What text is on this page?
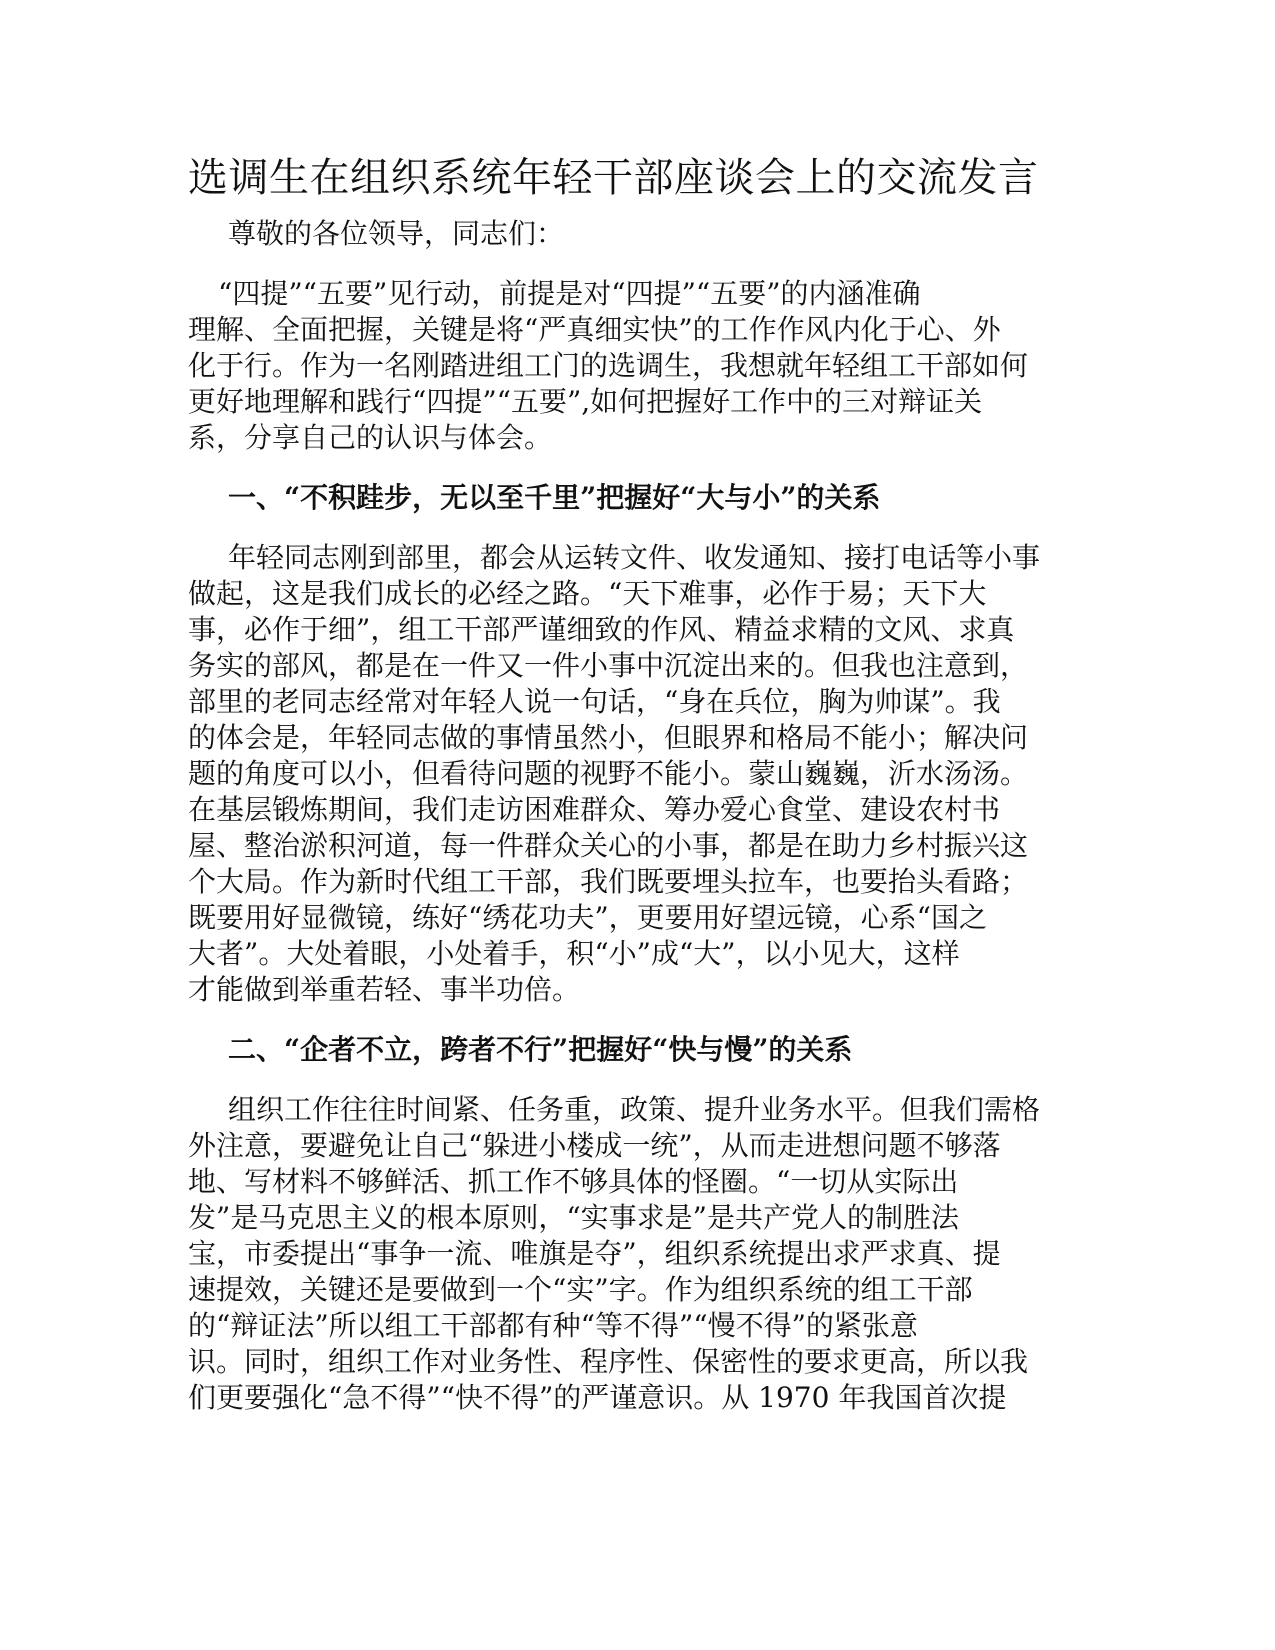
选调生在组织系统年轻干部座谈会上的交流发言
尊敬的各位领导，同志们：
“四提”“五要”见行动，前提是对“四提”“五要”的内涵准确
理解、全面把握，关键是将“严真细实快”的工作作风内化于心、外
化于行。作为一名刚踏进组工门的选调生，我想就年轻组工干部如何
更好地理解和践行“四提”“五要”,如何把握好工作中的三对辩证关
系，分享自己的认识与体会。
一、“不积跬步，无以至千里”把握好“大与小”的关系
年轻同志刚到部里，都会从运转文件、收发通知、接打电话等小事
做起，这是我们成长的必经之路。“天下难事，必作于易；天下大
事，必作于细”，组工干部严谨细致的作风、精益求精的文风、求真
务实的部风，都是在一件又一件小事中沉淀出来的。但我也注意到，
部里的老同志经常对年轻人说一句话，“身在兵位，胸为帅谋”。我
的体会是，年轻同志做的事情虽然小，但眼界和格局不能小；解决问
题的角度可以小，但看待问题的视野不能小。蒙山巍巍，沂水汤汤。
在基层锻炼期间，我们走访困难群众、筹办爱心食堂、建设农村书
屋、整治淤积河道，每一件群众关心的小事，都是在助力乡村振兴这
个大局。作为新时代组工干部，我们既要埋头拉车，也要抬头看路；
既要用好显微镜，练好“绣花功夫”，更要用好望远镜，心系“国之
大者”。大处着眼，小处着手，积“小”成“大”，以小见大，这样
才能做到举重若轻、事半功倍。
二、“企者不立，跨者不行”把握好“快与慢”的关系
组织工作往往时间紧、任务重，政策、提升业务水平。但我们需格
外注意，要避免让自己“躲进小楼成一统”，从而走进想问题不够落
地、写材料不够鲜活、抓工作不够具体的怪圈。“一切从实际出
发”是马克思主义的根本原则，“实事求是”是共产党人的制胜法
宝，市委提出“事争一流、唯旗是夺”，组织系统提出求严求真、提
速提效，关键还是要做到一个“实”字。作为组织系统的组工干部
的“辩证法”所以组工干部都有种“等不得”“慢不得”的紧张意
识。同时，组织工作对业务性、程序性、保密性的要求更高，所以我
们更要强化“急不得”“快不得”的严谨意识。从 1970 年我国首次提
